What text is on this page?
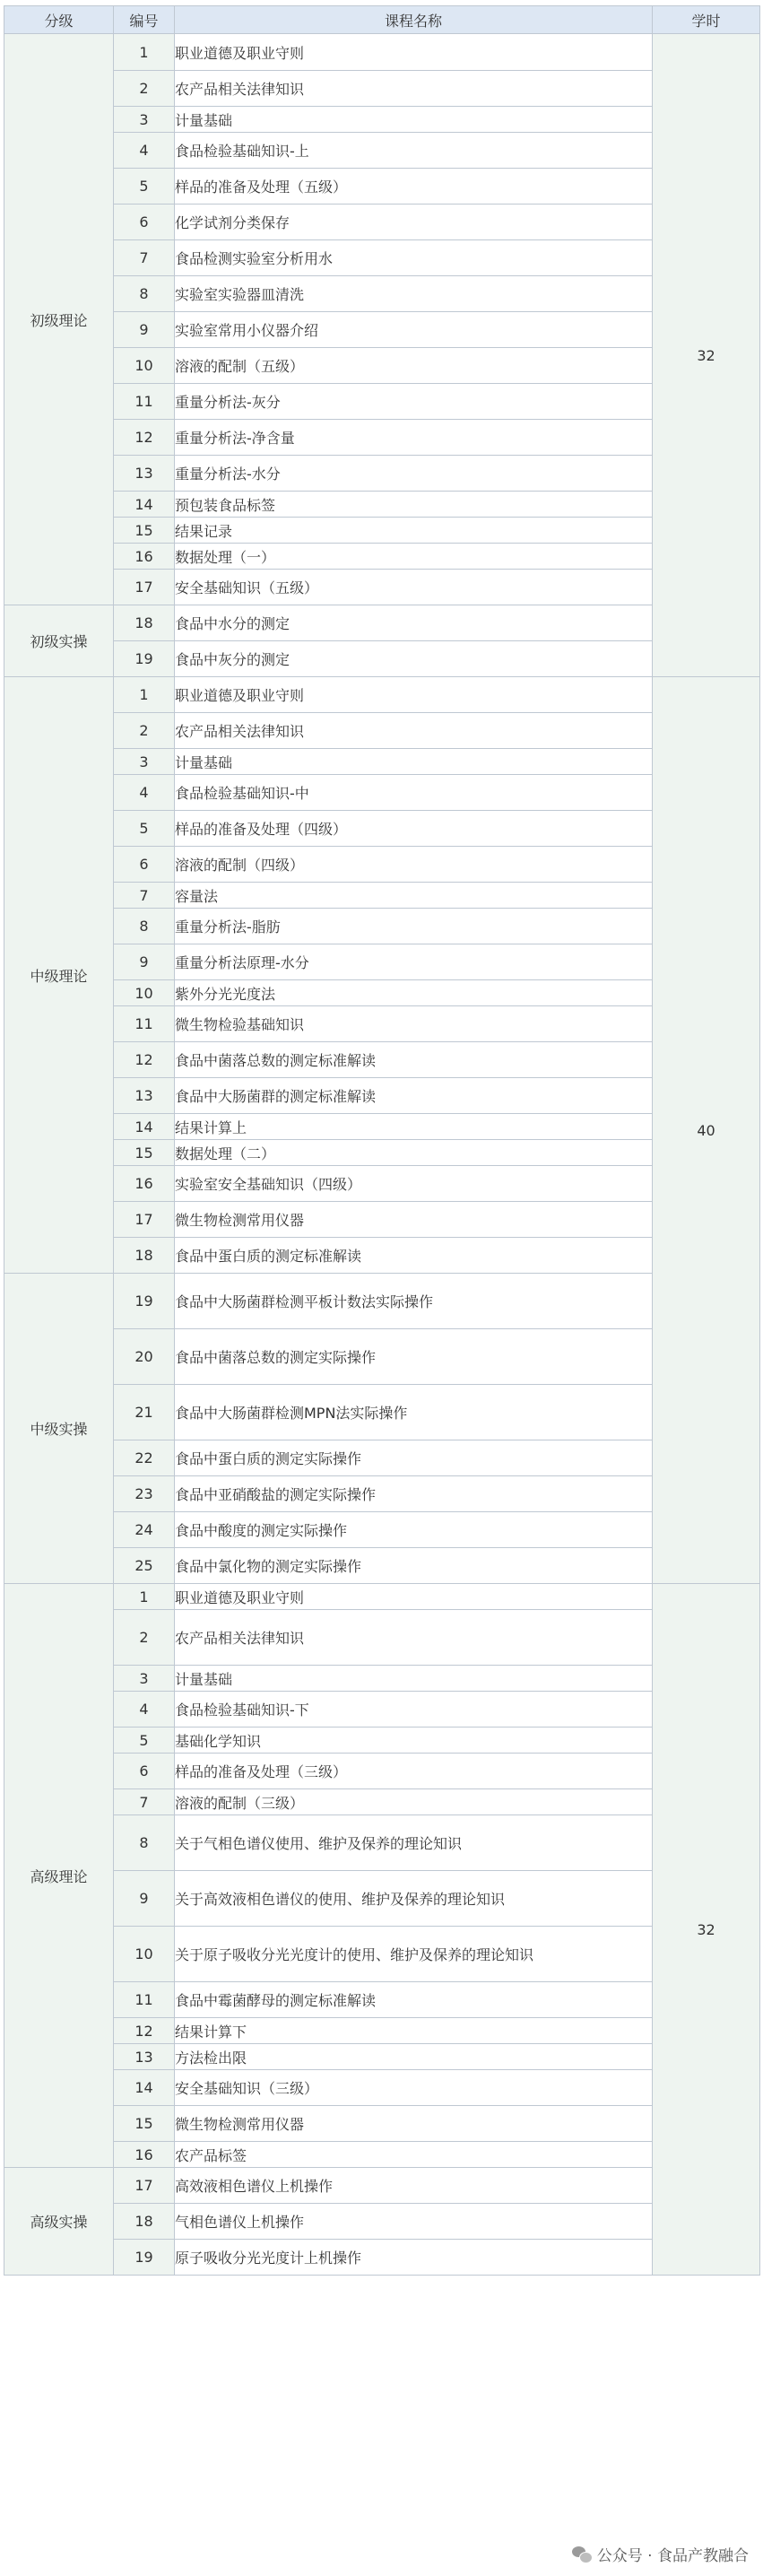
分级	编号	课程名称	学时
初级理论	1	职业道德及职业守则	32
	2	农产品相关法律知识	
	3	计量基础	
	4	食品检验基础知识-上	
	5	样品的准备及处理（五级）	
	6	化学试剂分类保存	
	7	食品检测实验室分析用水	
	8	实验室实验器皿清洗	
	9	实验室常用小仪器介绍	
	10	溶液的配制（五级）	
	11	重量分析法-灰分	
	12	重量分析法-净含量	
	13	重量分析法-水分	
	14	预包装食品标签	
	15	结果记录	
	16	数据处理（一）	
	17	安全基础知识（五级）	
初级实操	18	食品中水分的测定	
	19	食品中灰分的测定	
中级理论	1	职业道德及职业守则	40
	2	农产品相关法律知识	
	3	计量基础	
	4	食品检验基础知识-中	
	5	样品的准备及处理（四级）	
	6	溶液的配制（四级）	
	7	容量法	
	8	重量分析法-脂肪	
	9	重量分析法原理-水分	
	10	紫外分光光度法	
	11	微生物检验基础知识	
	12	食品中菌落总数的测定标准解读	
	13	食品中大肠菌群的测定标准解读	
	14	结果计算上	
	15	数据处理（二）	
	16	实验室安全基础知识（四级）	
	17	微生物检测常用仪器	
	18	食品中蛋白质的测定标准解读	
中级实操	19	食品中大肠菌群检测平板计数法实际操作	
	20	食品中菌落总数的测定实际操作	
	21	食品中大肠菌群检测MPN法实际操作	
	22	食品中蛋白质的测定实际操作	
	23	食品中亚硝酸盐的测定实际操作	
	24	食品中酸度的测定实际操作	
	25	食品中氯化物的测定实际操作	
高级理论	1	职业道德及职业守则	32
	2	农产品相关法律知识	
	3	计量基础	
	4	食品检验基础知识-下	
	5	基础化学知识	
	6	样品的准备及处理（三级）	
	7	溶液的配制（三级）	
	8	关于气相色谱仪使用、维护及保养的理论知识	
	9	关于高效液相色谱仪的使用、维护及保养的理论知识	
	10	关于原子吸收分光光度计的使用、维护及保养的理论知识	
	11	食品中霉菌酵母的测定标准解读	
	12	结果计算下	
	13	方法检出限	
	14	安全基础知识（三级）	
	15	微生物检测常用仪器	
	16	农产品标签	
高级实操	17	高效液相色谱仪上机操作	
	18	气相色谱仪上机操作	
	19	原子吸收分光光度计上机操作	
公众号 · 食品产教融合
